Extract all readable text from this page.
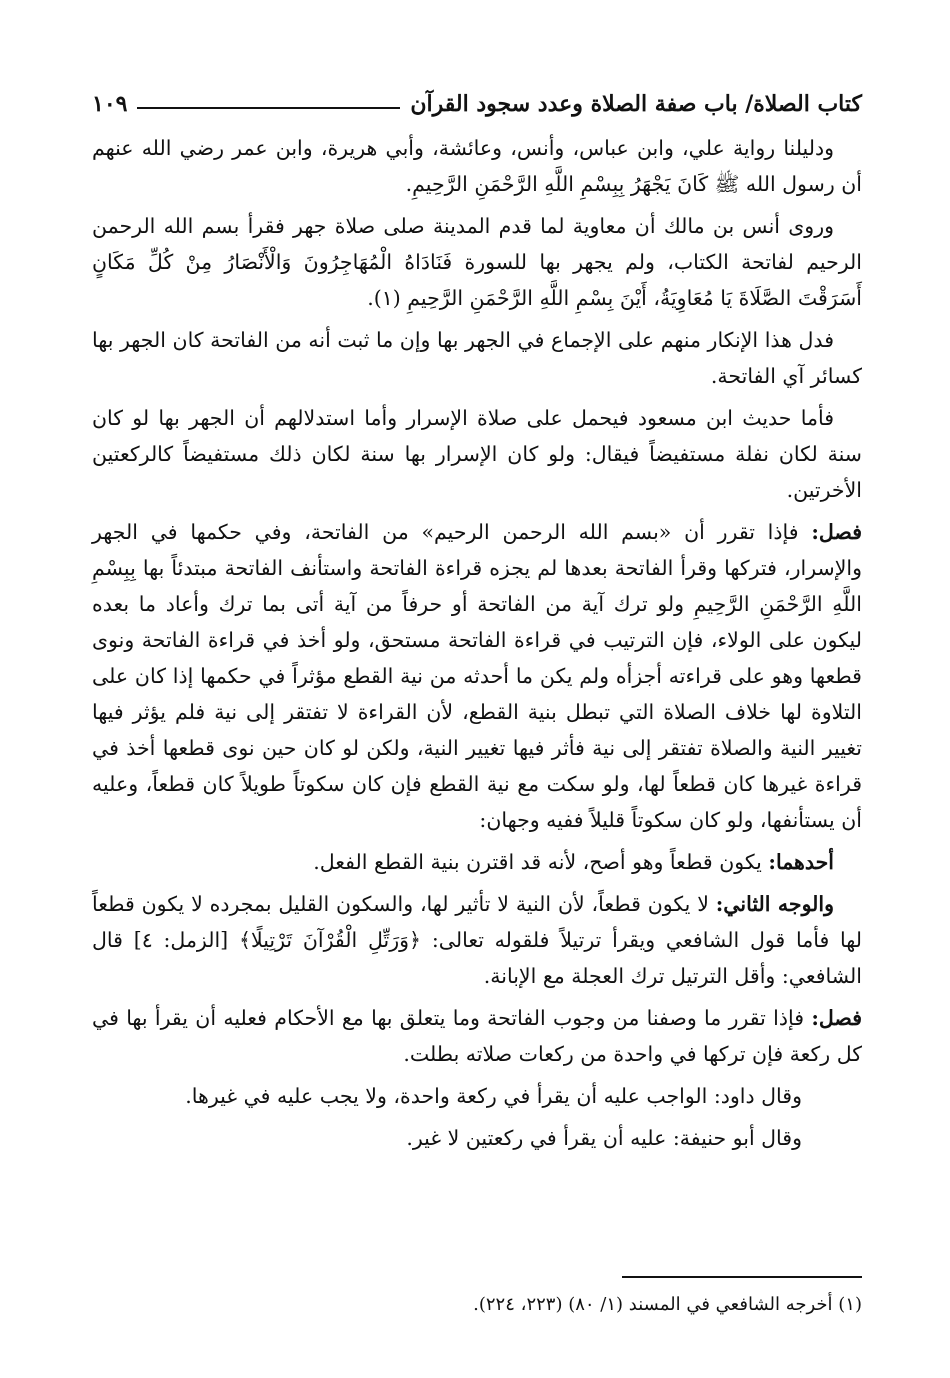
كتاب الصلاة/ باب صفة الصلاة وعدد سجود القرآن
١٠٩

ودليلنا رواية علي، وابن عباس، وأنس، وعائشة، وأبي هريرة، وابن عمر رضي الله عنهم أن رسول الله ﷺ كَانَ يَجْهَرُ بِبِسْمِ اللَّهِ الرَّحْمَنِ الرَّحِيمِ.

وروى أنس بن مالك أن معاوية لما قدم المدينة صلى صلاة جهر فقرأ بسم الله الرحمن الرحيم لفاتحة الكتاب، ولم يجهر بها للسورة فَنَادَاهُ الْمُهَاجِرُونَ وَالْأَنْصَارُ مِنْ كُلِّ مَكَانٍ أَسَرَقْتَ الصَّلَاةَ يَا مُعَاوِيَةُ، أَيْنَ بِسْمِ اللَّهِ الرَّحْمَنِ الرَّحِيمِ (١).

فدل هذا الإنكار منهم على الإجماع في الجهر بها وإن ما ثبت أنه من الفاتحة كان الجهر بها كسائر آي الفاتحة.

فأما حديث ابن مسعود فيحمل على صلاة الإسرار وأما استدلالهم أن الجهر بها لو كان سنة لكان نفلة مستفيضاً فيقال: ولو كان الإسرار بها سنة لكان ذلك مستفيضاً كالركعتين الأخرتين.

فصل: فإذا تقرر أن «بسم الله الرحمن الرحيم» من الفاتحة، وفي حكمها في الجهر والإسرار، فتركها وقرأ الفاتحة بعدها لم يجزه قراءة الفاتحة واستأنف الفاتحة مبتدئاً بها بِبِسْمِ اللَّهِ الرَّحْمَنِ الرَّحِيمِ ولو ترك آية من الفاتحة أو حرفاً من آية أتى بما ترك وأعاد ما بعده ليكون على الولاء، فإن الترتيب في قراءة الفاتحة مستحق، ولو أخذ في قراءة الفاتحة ونوى قطعها وهو على قراءته أجزأه ولم يكن ما أحدثه من نية القطع مؤثراً في حكمها إذا كان على التلاوة لها خلاف الصلاة التي تبطل بنية القطع، لأن القراءة لا تفتقر إلى نية فلم يؤثر فيها تغيير النية والصلاة تفتقر إلى نية فأثر فيها تغيير النية، ولكن لو كان حين نوى قطعها أخذ في قراءة غيرها كان قطعاً لها، ولو سكت مع نية القطع فإن كان سكوتاً طويلاً كان قطعاً، وعليه أن يستأنفها، ولو كان سكوتاً قليلاً ففيه وجهان:

أحدهما: يكون قطعاً وهو أصح، لأنه قد اقترن بنية القطع الفعل.

والوجه الثاني: لا يكون قطعاً، لأن النية لا تأثير لها، والسكون القليل بمجرده لا يكون قطعاً لها فأما قول الشافعي ويقرأ ترتيلاً فلقوله تعالى: ﴿وَرَتِّلِ الْقُرْآنَ تَرْتِيلًا﴾ [الزمل: ٤] قال الشافعي: وأقل الترتيل ترك العجلة مع الإبانة.

فصل: فإذا تقرر ما وصفنا من وجوب الفاتحة وما يتعلق بها مع الأحكام فعليه أن يقرأ بها في كل ركعة فإن تركها في واحدة من ركعات صلاته بطلت.

وقال داود: الواجب عليه أن يقرأ في ركعة واحدة، ولا يجب عليه في غيرها.

وقال أبو حنيفة: عليه أن يقرأ في ركعتين لا غير.

(١) أخرجه الشافعي في المسند (١/ ٨٠) (٢٢٣، ٢٢٤).
